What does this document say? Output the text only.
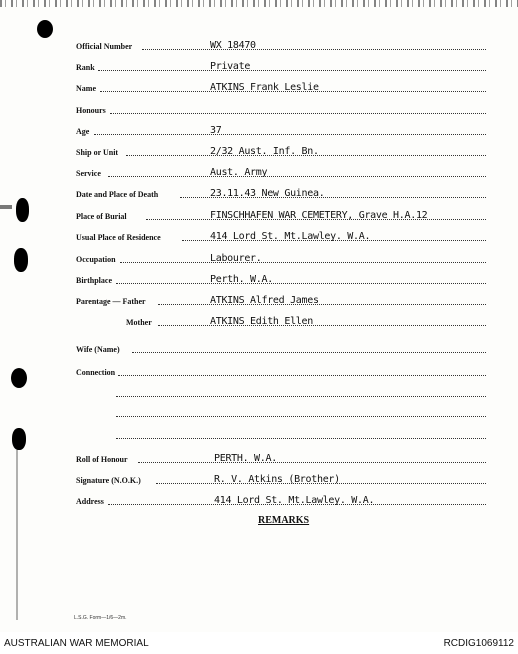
Official Number	WX 18470
Rank	Private
Name	ATKINS Frank Leslie
Honours
Age	37
Ship or Unit	2/32 Aust. Inf. Bn.
Service	Aust. Army
Date and Place of Death	23.11.43 New Guinea.
Place of Burial	FINSCHHAFEN WAR CEMETERY, Grave H.A.12
Usual Place of Residence	414 Lord St. Mt.Lawley. W.A.
Occupation	Labourer.
Birthplace	Perth. W.A.
Parentage — Father	ATKINS Alfred James
Mother	ATKINS Edith Ellen
Wife (Name)
Connection
Roll of Honour	PERTH. W.A.
Signature (N.O.K.)	R. V. Atkins (Brother)
Address	414 Lord St. Mt.Lawley. W.A.
REMARKS
L.S.G. Form—1/6—2m.
AUSTRALIAN WAR MEMORIAL	RCDIG1069112
